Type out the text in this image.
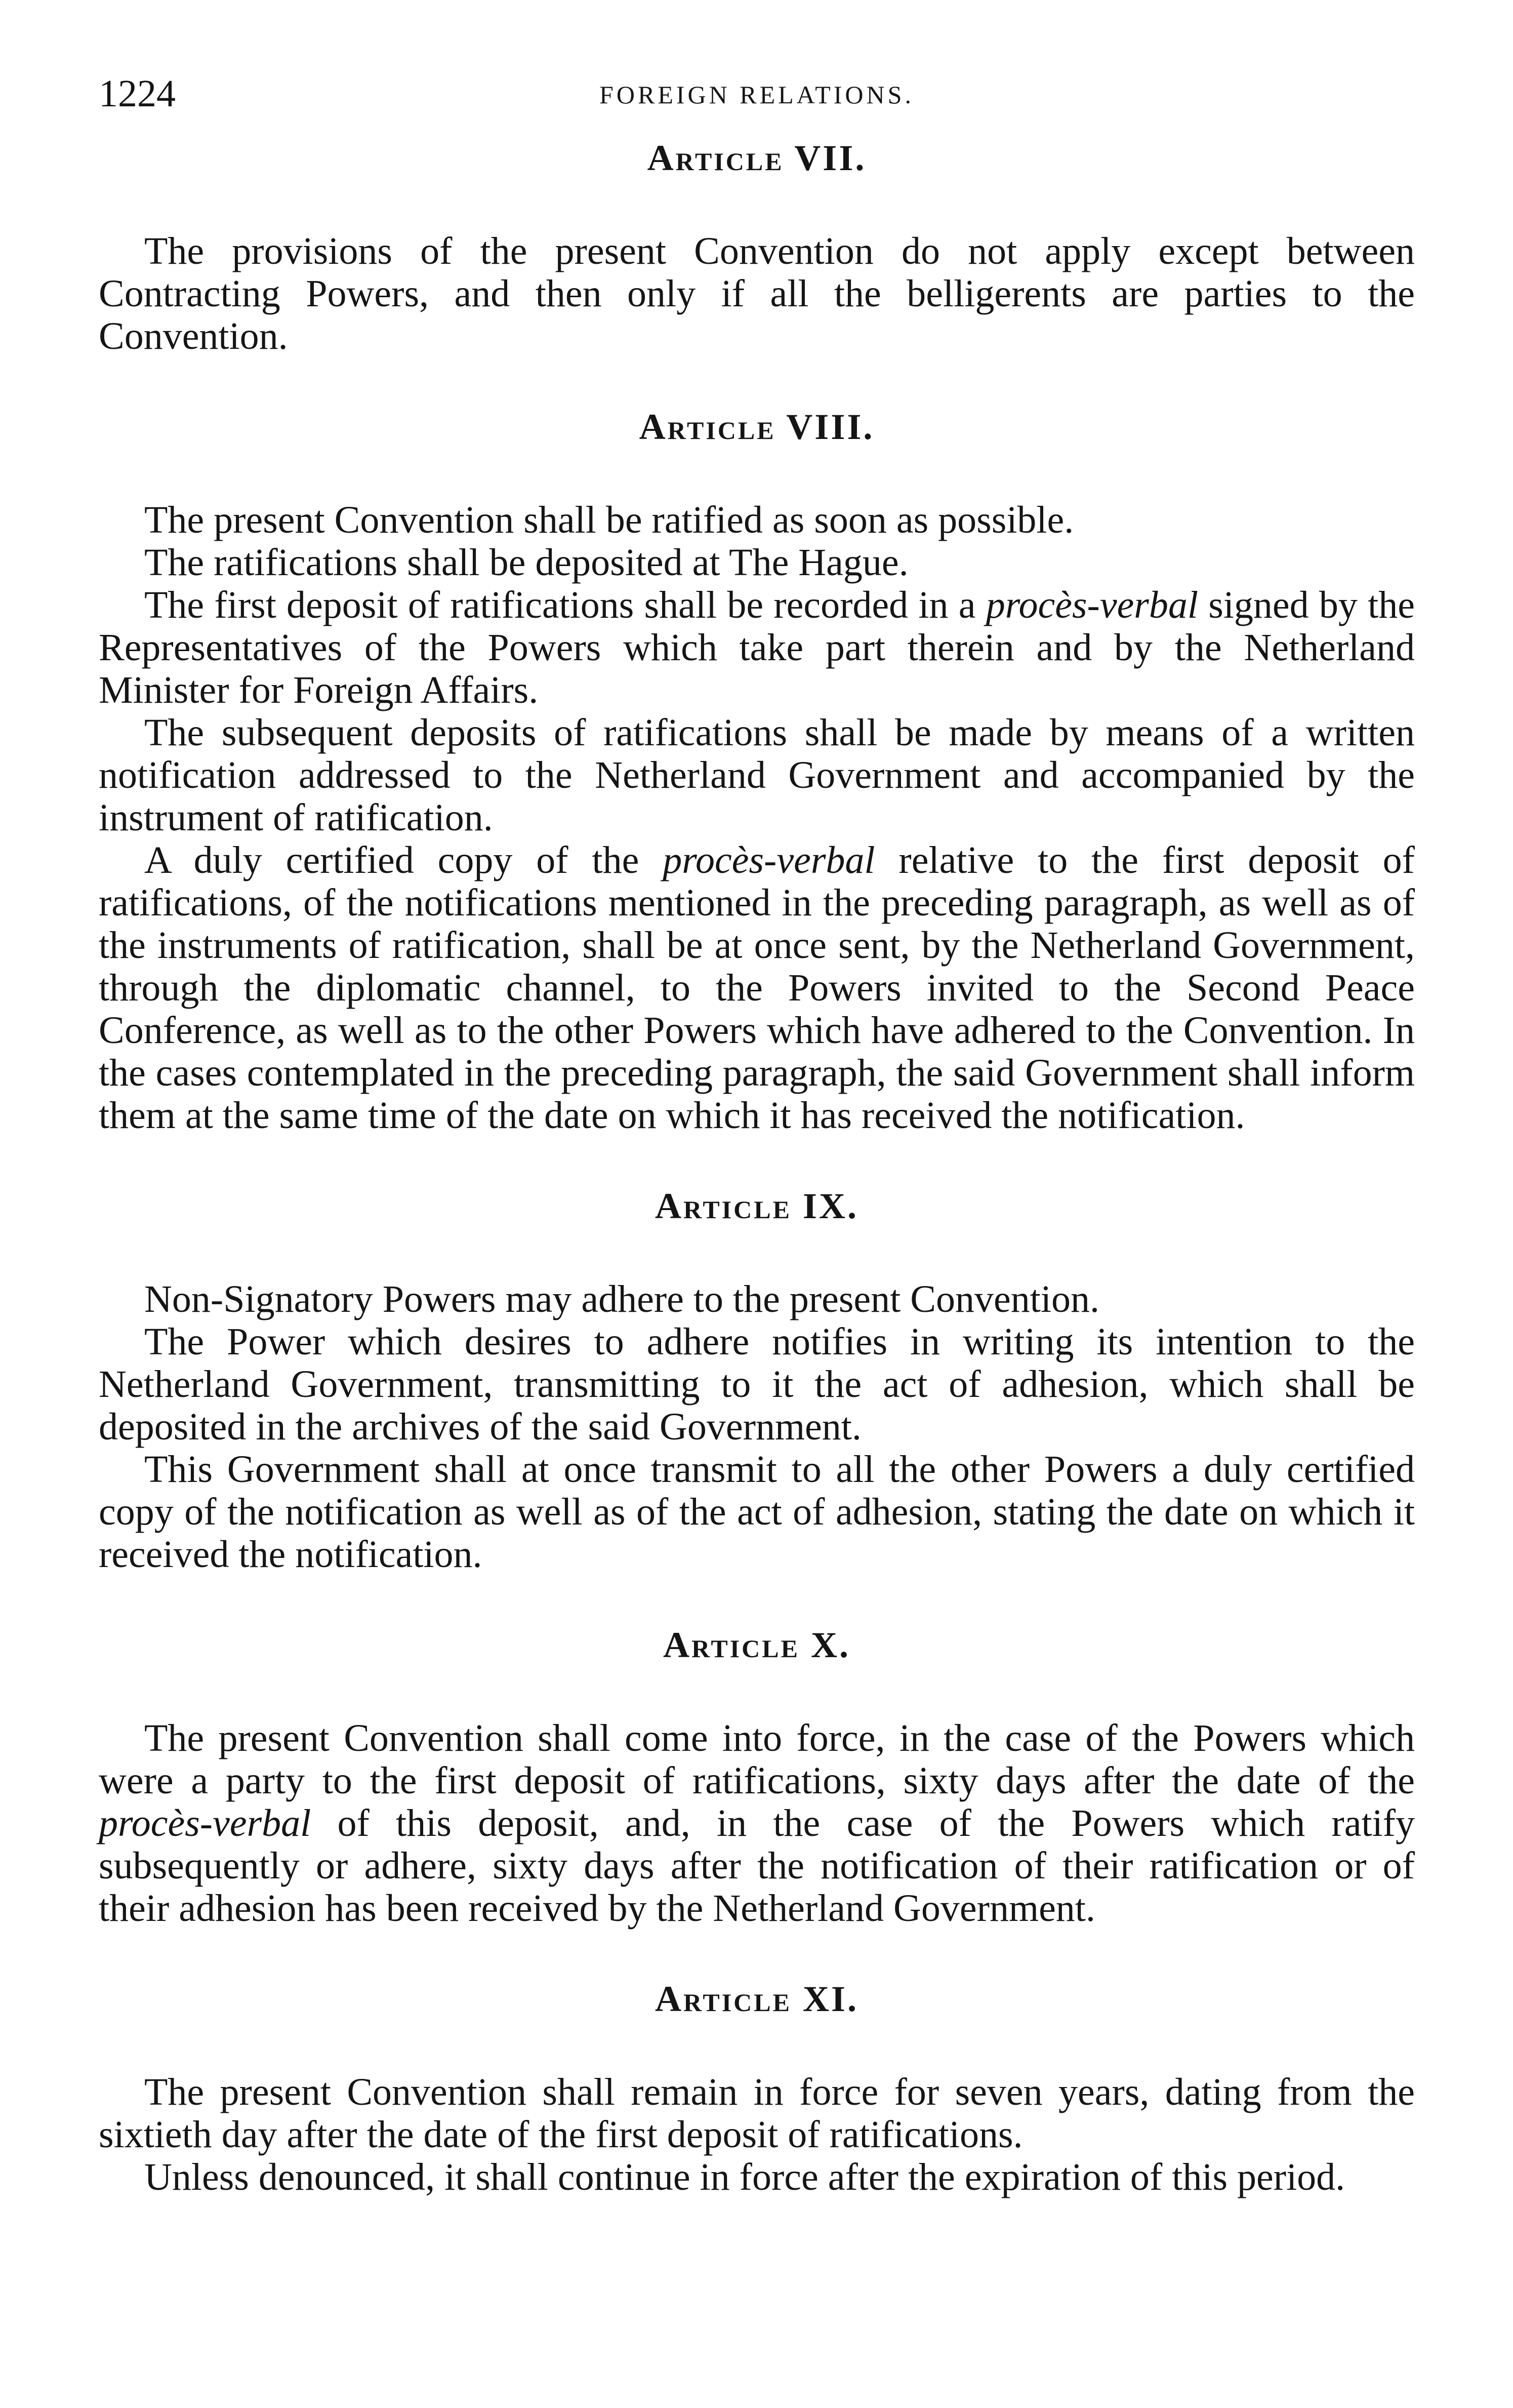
1224	FOREIGN RELATIONS.
Article VII.

The provisions of the present Convention do not apply except between Contracting Powers, and then only if all the belligerents are parties to the Convention.

Article VIII.

The present Convention shall be ratified as soon as possible.

The ratifications shall be deposited at The Hague.

The first deposit of ratifications shall be recorded in a procès-verbal signed by the Representatives of the Powers which take part therein and by the Netherland Minister for Foreign Affairs.

The subsequent deposits of ratifications shall be made by means of a written notification addressed to the Netherland Government and accompanied by the instrument of ratification.

A duly certified copy of the procès-verbal relative to the first deposit of ratifications, of the notifications mentioned in the preceding paragraph, as well as of the instruments of ratification, shall be at once sent, by the Netherland Government, through the diplomatic channel, to the Powers invited to the Second Peace Conference, as well as to the other Powers which have adhered to the Convention. In the cases contemplated in the preceding paragraph, the said Government shall inform them at the same time of the date on which it has received the notification.

Article IX.

Non-Signatory Powers may adhere to the present Convention.

The Power which desires to adhere notifies in writing its intention to the Netherland Government, transmitting to it the act of adhesion, which shall be deposited in the archives of the said Government.

This Government shall at once transmit to all the other Powers a duly certified copy of the notification as well as of the act of adhesion, stating the date on which it received the notification.

Article X.

The present Convention shall come into force, in the case of the Powers which were a party to the first deposit of ratifications, sixty days after the date of the procès-verbal of this deposit, and, in the case of the Powers which ratify subsequently or adhere, sixty days after the notification of their ratification or of their adhesion has been received by the Netherland Government.

Article XI.

The present Convention shall remain in force for seven years, dating from the sixtieth day after the date of the first deposit of ratifications.

Unless denounced, it shall continue in force after the expiration of this period.
